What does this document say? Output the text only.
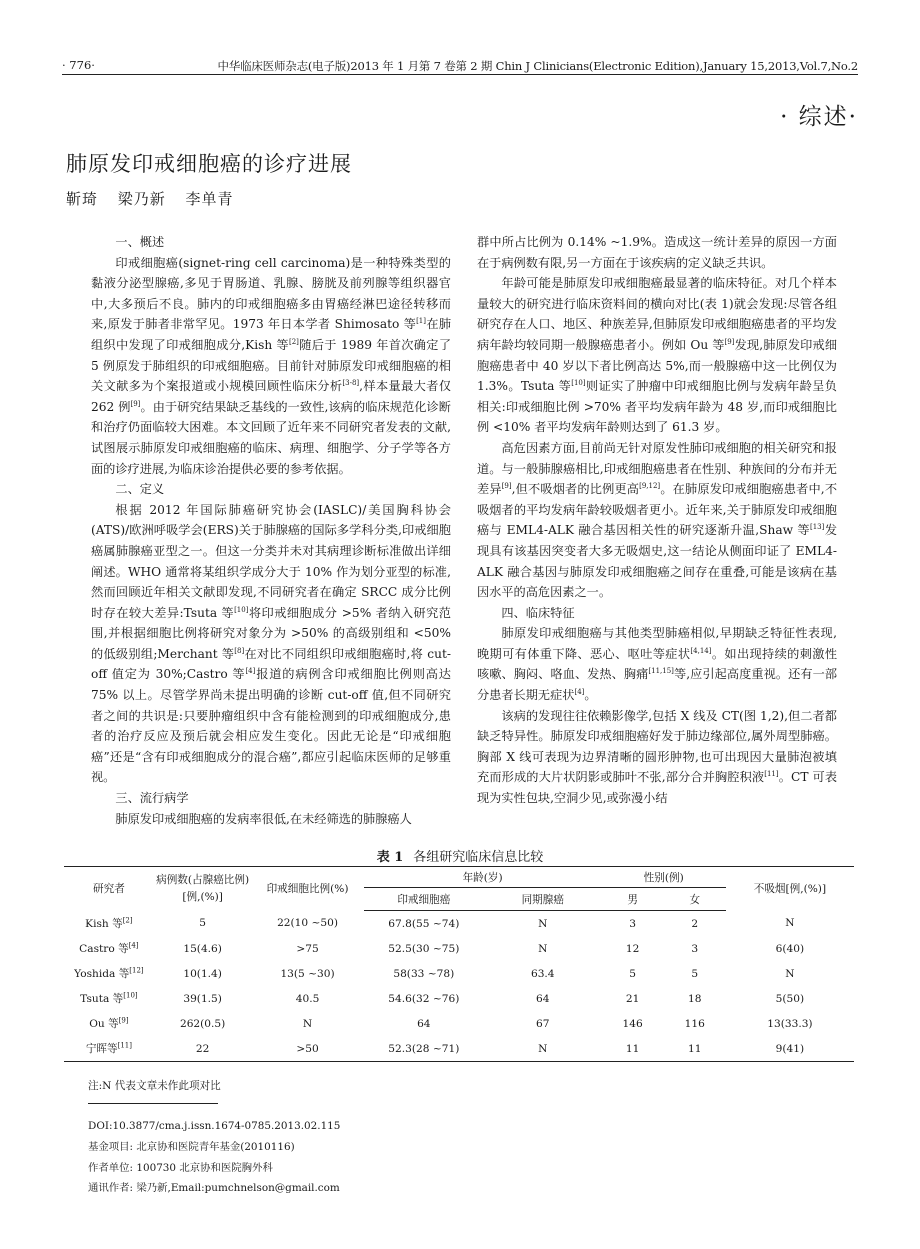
· 776·	中华临床医师杂志(电子版)2013 年 1 月第 7 卷第 2 期 Chin J Clinicians(Electronic Edition),January 15,2013,Vol.7,No.2
· 综述·
肺原发印戒细胞癌的诊疗进展
靳琦 梁乃新 李单青

一、概述

印戒细胞癌(signet-ring cell carcinoma)是一种特殊类型的黏液分泌型腺癌,多见于胃肠道、乳腺、膀胱及前列腺等组织器官中,大多预后不良。肺内的印戒细胞癌多由胃癌经淋巴途径转移而来,原发于肺者非常罕见。1973 年日本学者 Shimosato 等[1]在肺组织中发现了印戒细胞成分,Kish 等[2]随后于 1989 年首次确定了 5 例原发于肺组织的印戒细胞癌。目前针对肺原发印戒细胞癌的相关文献多为个案报道或小规模回顾性临床分析[3-8],样本量最大者仅 262 例[9]。由于研究结果缺乏基线的一致性,该病的临床规范化诊断和治疗仍面临较大困难。本文回顾了近年来不同研究者发表的文献,试图展示肺原发印戒细胞癌的临床、病理、细胞学、分子学等各方面的诊疗进展,为临床诊治提供必要的参考依据。

二、定义

根据 2012 年国际肺癌研究协会(IASLC)/美国胸科协会(ATS)/欧洲呼吸学会(ERS)关于肺腺癌的国际多学科分类,印戒细胞癌属肺腺癌亚型之一。但这一分类并未对其病理诊断标准做出详细阐述。WHO 通常将某组织学成分大于 10% 作为划分亚型的标准,然而回顾近年相关文献即发现,不同研究者在确定 SRCC 成分比例时存在较大差异:Tsuta 等[10]将印戒细胞成分 >5% 者纳入研究范围,并根据细胞比例将研究对象分为 >50% 的高级别组和 <50% 的低级别组;Merchant 等[8]在对比不同组织印戒细胞癌时,将 cut-off 值定为 30%;Castro 等[4]报道的病例含印戒细胞比例则高达 75% 以上。尽管学界尚未提出明确的诊断 cut-off 值,但不同研究者之间的共识是:只要肿瘤组织中含有能检测到的印戒细胞成分,患者的治疗反应及预后就会相应发生变化。因此无论是“印戒细胞癌”还是“含有印戒细胞成分的混合癌”,都应引起临床医师的足够重视。

三、流行病学

肺原发印戒细胞癌的发病率很低,在未经筛选的肺腺癌人

群中所占比例为 0.14% ~1.9%。造成这一统计差异的原因一方面在于病例数有限,另一方面在于该疾病的定义缺乏共识。

年龄可能是肺原发印戒细胞癌最显著的临床特征。对几个样本量较大的研究进行临床资料间的横向对比(表 1)就会发现:尽管各组研究存在人口、地区、种族差异,但肺原发印戒细胞癌患者的平均发病年龄均较同期一般腺癌患者小。例如 Ou 等[9]发现,肺原发印戒细胞癌患者中 40 岁以下者比例高达 5%,而一般腺癌中这一比例仅为 1.3%。Tsuta 等[10]则证实了肿瘤中印戒细胞比例与发病年龄呈负相关:印戒细胞比例 >70% 者平均发病年龄为 48 岁,而印戒细胞比例 <10% 者平均发病年龄则达到了 61.3 岁。

高危因素方面,目前尚无针对原发性肺印戒细胞的相关研究和报道。与一般肺腺癌相比,印戒细胞癌患者在性别、种族间的分布并无差异[9],但不吸烟者的比例更高[9,12]。在肺原发印戒细胞癌患者中,不吸烟者的平均发病年龄较吸烟者更小。近年来,关于肺原发印戒细胞癌与 EML4-ALK 融合基因相关性的研究逐渐升温,Shaw 等[13]发现具有该基因突变者大多无吸烟史,这一结论从侧面印证了 EML4-ALK 融合基因与肺原发印戒细胞癌之间存在重叠,可能是该病在基因水平的高危因素之一。

四、临床特征

肺原发印戒细胞癌与其他类型肺癌相似,早期缺乏特征性表现,晚期可有体重下降、恶心、呕吐等症状[4,14]。如出现持续的刺激性咳嗽、胸闷、咯血、发热、胸痛[11,15]等,应引起高度重视。还有一部分患者长期无症状[4]。

该病的发现往往依赖影像学,包括 X 线及 CT(图 1,2),但二者都缺乏特异性。肺原发印戒细胞癌好发于肺边缘部位,属外周型肺癌。胸部 X 线可表现为边界清晰的圆形肿物,也可出现因大量肺泡被填充而形成的大片状阴影或肺叶不张,部分合并胸腔积液[11]。CT 可表现为实性包块,空洞少见,或弥漫小结

表 1 各组研究临床信息比较
研究者	病例数(占腺癌比例)[例,(%)]	印戒细胞比例(%)	年龄(岁)		性别(例)		不吸烟[例,(%)]
			印戒细胞癌	同期腺癌	男	女	
Kish 等[2]	5	22(10 ~50)	67.8(55 ~74)	N	3	2	N
Castro 等[4]	15(4.6)	>75	52.5(30 ~75)	N	12	3	6(40)
Yoshida 等[12]	10(1.4)	13(5 ~30)	58(33 ~78)	63.4	5	5	N
Tsuta 等[10]	39(1.5)	40.5	54.6(32 ~76)	64	21	18	5(50)
Ou 等[9]	262(0.5)	N	64	67	146	116	13(33.3)
宁晖等[11]	22	>50	52.3(28 ~71)	N	11	11	9(41)
注:N 代表文章未作此项对比
DOI:10.3877/cma.j.issn.1674-0785.2013.02.115
基金项目: 北京协和医院青年基金(2010116)
作者单位: 100730 北京协和医院胸外科
通讯作者: 梁乃新,Email:pumchnelson@gmail.com
